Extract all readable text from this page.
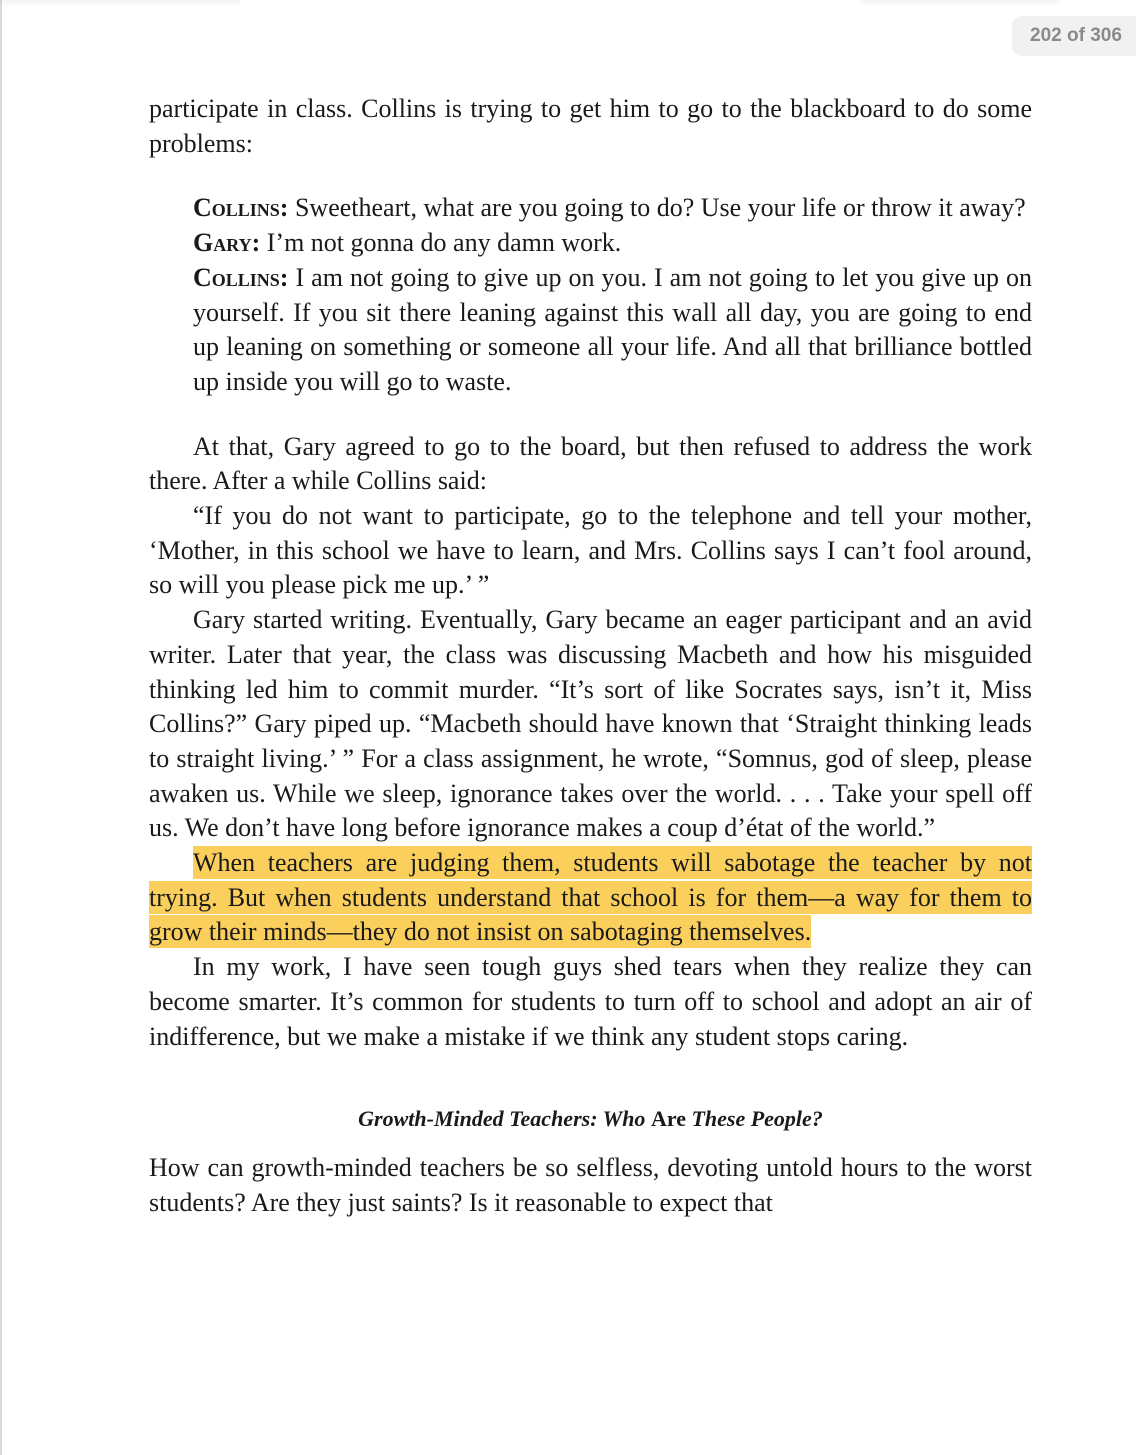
202 of 306

participate in class. Collins is trying to get him to go to the blackboard to do some problems:

Collins: Sweetheart, what are you going to do? Use your life or throw it away?

Gary: I’m not gonna do any damn work.

Collins: I am not going to give up on you. I am not going to let you give up on yourself. If you sit there leaning against this wall all day, you are going to end up leaning on something or someone all your life. And all that brilliance bottled up inside you will go to waste.

At that, Gary agreed to go to the board, but then refused to address the work there. After a while Collins said:

“If you do not want to participate, go to the telephone and tell your mother, ‘Mother, in this school we have to learn, and Mrs. Collins says I can’t fool around, so will you please pick me up.’ ”

Gary started writing. Eventually, Gary became an eager participant and an avid writer. Later that year, the class was discussing Macbeth and how his misguided thinking led him to commit murder. “It’s sort of like Socrates says, isn’t it, Miss Collins?” Gary piped up. “Macbeth should have known that ‘Straight thinking leads to straight living.’ ” For a class assignment, he wrote, “Somnus, god of sleep, please awaken us. While we sleep, ignorance takes over the world. . . . Take your spell off us. We don’t have long before ignorance makes a coup d’état of the world.”

When teachers are judging them, students will sabotage the teacher by not trying. But when students understand that school is for them—a way for them to grow their minds—they do not insist on sabotaging themselves.

In my work, I have seen tough guys shed tears when they realize they can become smarter. It’s common for students to turn off to school and adopt an air of indifference, but we make a mistake if we think any student stops caring.

Growth-Minded Teachers: Who Are These People?

How can growth-minded teachers be so selfless, devoting untold hours to the worst students? Are they just saints? Is it reasonable to expect that
